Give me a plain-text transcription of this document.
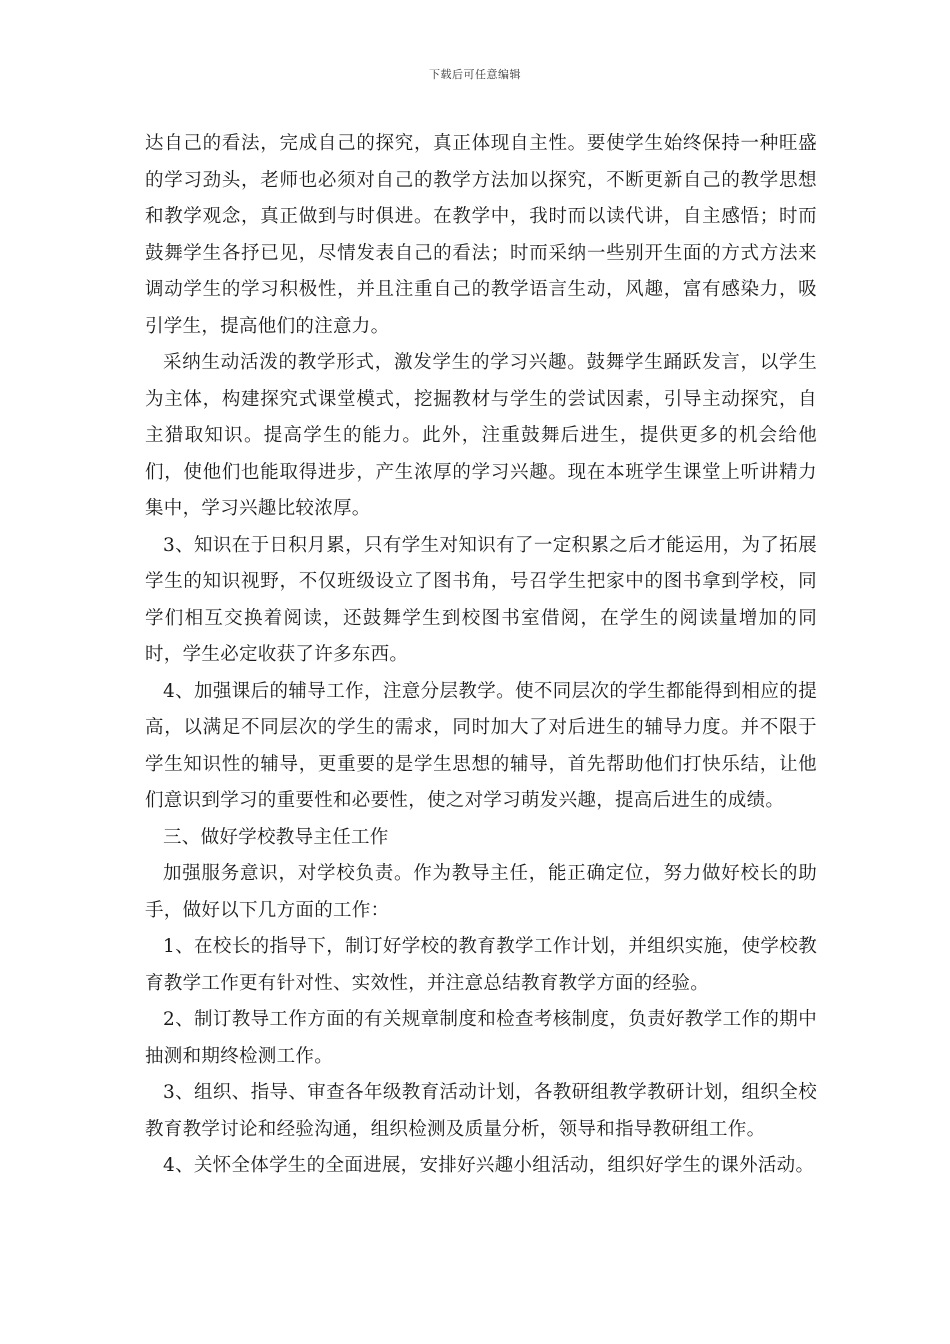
下载后可任意编辑

达自己的看法，完成自己的探究，真正体现自主性。要使学生始终保持一种旺盛的学习劲头，老师也必须对自己的教学方法加以探究，不断更新自己的教学思想和教学观念，真正做到与时俱进。在教学中，我时而以读代讲，自主感悟；时而鼓舞学生各抒已见，尽情发表自己的看法；时而采纳一些别开生面的方式方法来调动学生的学习积极性，并且注重自己的教学语言生动，风趣，富有感染力，吸引学生，提高他们的注意力。

采纳生动活泼的教学形式，激发学生的学习兴趣。鼓舞学生踊跃发言，以学生为主体，构建探究式课堂模式，挖掘教材与学生的尝试因素，引导主动探究，自主猎取知识。提高学生的能力。此外，注重鼓舞后进生，提供更多的机会给他们，使他们也能取得进步，产生浓厚的学习兴趣。现在本班学生课堂上听讲精力集中，学习兴趣比较浓厚。

3、知识在于日积月累，只有学生对知识有了一定积累之后才能运用，为了拓展学生的知识视野，不仅班级设立了图书角，号召学生把家中的图书拿到学校，同学们相互交换着阅读，还鼓舞学生到校图书室借阅，在学生的阅读量增加的同时，学生必定收获了许多东西。

4、加强课后的辅导工作，注意分层教学。使不同层次的学生都能得到相应的提高，以满足不同层次的学生的需求，同时加大了对后进生的辅导力度。并不限于学生知识性的辅导，更重要的是学生思想的辅导，首先帮助他们打快乐结，让他们意识到学习的重要性和必要性，使之对学习萌发兴趣，提高后进生的成绩。

三、做好学校教导主任工作

加强服务意识，对学校负责。作为教导主任，能正确定位，努力做好校长的助手，做好以下几方面的工作：

1、在校长的指导下，制订好学校的教育教学工作计划，并组织实施，使学校教育教学工作更有针对性、实效性，并注意总结教育教学方面的经验。

2、制订教导工作方面的有关规章制度和检查考核制度，负责好教学工作的期中抽测和期终检测工作。

3、组织、指导、审查各年级教育活动计划，各教研组教学教研计划，组织全校教育教学讨论和经验沟通，组织检测及质量分析，领导和指导教研组工作。

4、关怀全体学生的全面进展，安排好兴趣小组活动，组织好学生的课外活动。
